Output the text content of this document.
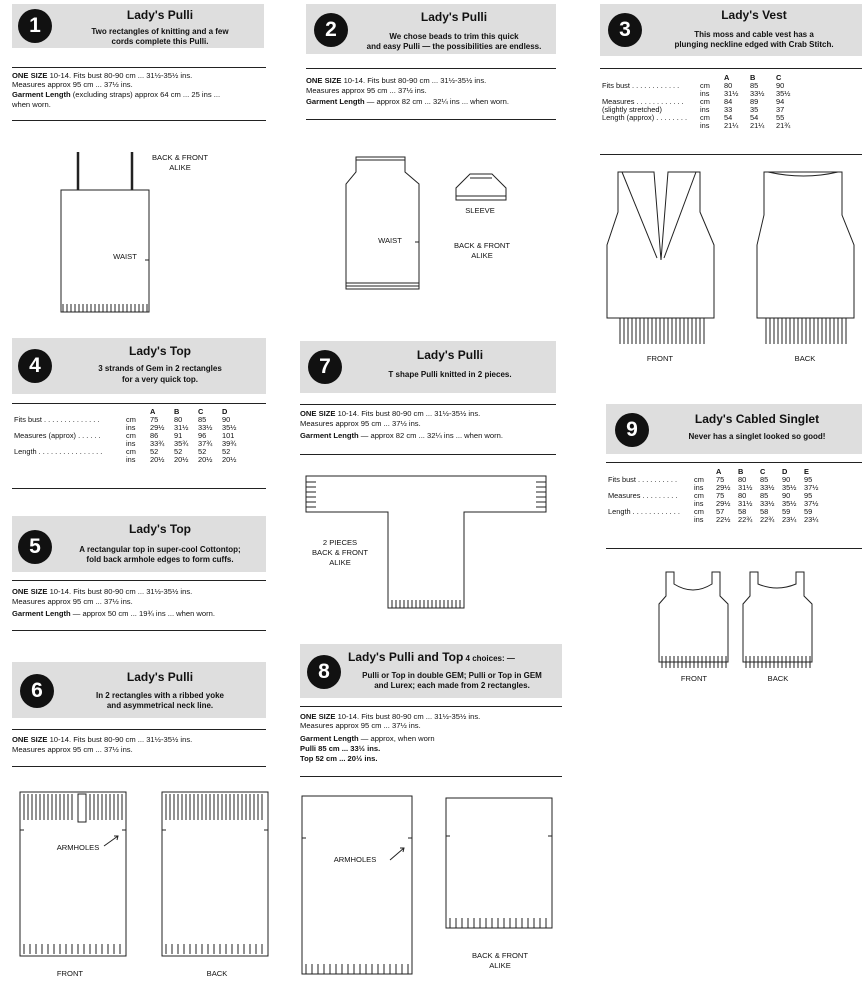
1	Lady's Pulli
Two rectangles of knitting and a few
cords complete this Pulli.
ONE SIZE 10-14. Fits bust 80-90 cm ... 31½-35½ ins.
Measures approx 95 cm ... 37½ ins.
Garment Length (excluding straps) approx 64 cm ... 25 ins ...
when worn.
BACK & FRONT
ALIKE
WAIST
2
Lady's Pulli
We chose beads to trim this quick
and easy Pulli — the possibilities are endless.
ONE SIZE 10-14. Fits bust 80-90 cm ... 31½-35½ ins.
Measures approx 95 cm ... 37½ ins.
Garment Length — approx 82 cm ... 32¼ ins ... when worn.
WAIST
SLEEVE
BACK & FRONT
ALIKE
3
Lady's Vest
This moss and cable vest has a
plunging neckline edged with Crab Stitch.
		A	B	C
Fits bust . . . . . . . . . . . .	cm	80	85	90
	ins	31½	33½	35½
Measures . . . . . . . . . . . .	cm	84	89	94
(slightly stretched)	ins	33	35	37
Length (approx) . . . . . . . .	cm	54	54	55
	ins	21¼	21¼	21¾
FRONT	BACK
4
Lady's Top
3 strands of Gem in 2 rectangles
for a very quick top.
		A	B	C	D
Fits bust . . . . . . . . . . . . . .	cm	75	80	85	90
	ins	29½	31½	33½	35½
Measures (approx) . . . . . .	cm	86	91	96	101
	ins	33¾	35¾	37¾	39¾
Length . . . . . . . . . . . . . . . .	cm	52	52	52	52
	ins	20½	20½	20½	20½
5
Lady's Top
A rectangular top in super-cool Cottontop;
fold back armhole edges to form cuffs.
ONE SIZE 10-14. Fits bust 80-90 cm ... 31½-35½ ins.
Measures approx 95 cm ... 37½ ins.
Garment Length — approx 50 cm ... 19¾ ins ... when worn.
6
Lady's Pulli
In 2 rectangles with a ribbed yoke
and asymmetrical neck line.
ONE SIZE 10-14. Fits bust 80-90 cm ... 31½-35½ ins.
Measures approx 95 cm ... 37½ ins.
ARMHOLES
FRONT	BACK
7	Lady's Pulli
T shape Pulli knitted in 2 pieces.
ONE SIZE 10-14. Fits bust 80-90 cm ... 31½-35½ ins.
Measures approx 95 cm ... 37½ ins.
Garment Length — approx 82 cm ... 32¼ ins ... when worn.
2 PIECES
BACK & FRONT
ALIKE
8
Lady's Pulli and Top 4 choices: —
Pulli or Top in double GEM; Pulli or Top in GEM
and Lurex; each made from 2 rectangles.
ONE SIZE 10-14. Fits bust 80-90 cm ... 31½-35½ ins.
Measures approx 95 cm ... 37½ ins.
Garment Length — approx, when worn
Pulli 85 cm ... 33½ ins.
Top 52 cm ... 20½ ins.
ARMHOLES
BACK & FRONT
ALIKE
9	Lady's Cabled Singlet
Never has a singlet looked so good!
		A	B	C	D	E
Fits bust . . . . . . . . . .	cm	75	80	85	90	95
	ins	29½	31½	33½	35½	37½
Measures . . . . . . . . .	cm	75	80	85	90	95
	ins	29½	31½	33½	35½	37½
Length . . . . . . . . . . . .	cm	57	58	58	59	59
	ins	22½	22¾	22¾	23¼	23¼
FRONT	BACK
